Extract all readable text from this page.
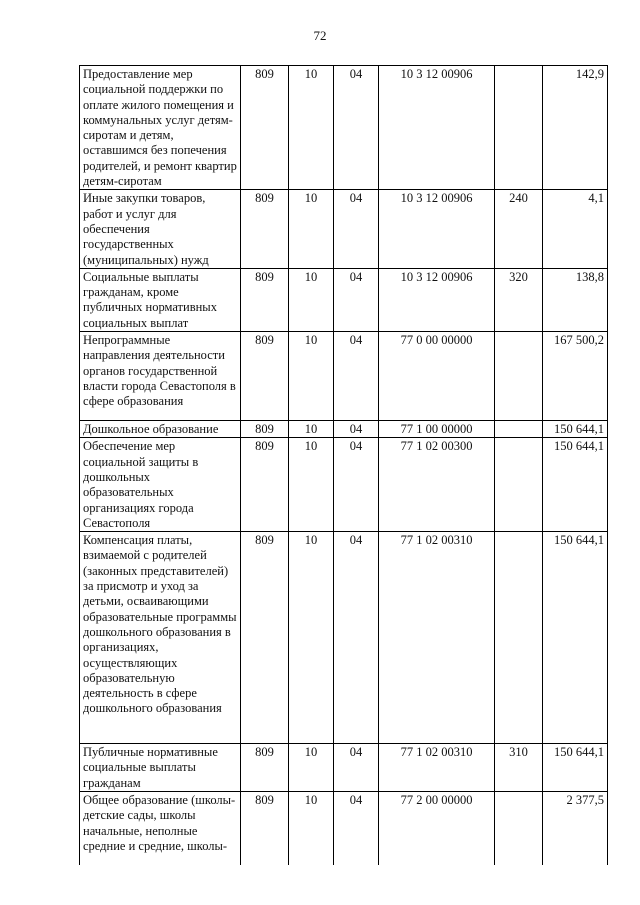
72
Предоставление мер социальной поддержки по оплате жилого помещения и коммунальных услуг детям-сиротам и детям, оставшимся без попечения родителей, и ремонт квартир детям-сиротам	809	10	04	10 3 12 00906		142,9
Иные закупки товаров, работ и услуг для обеспечения государственных (муниципальных) нужд	809	10	04	10 3 12 00906	240	4,1
Социальные выплаты гражданам, кроме публичных нормативных социальных выплат	809	10	04	10 3 12 00906	320	138,8
Непрограммные направления деятельности органов государственной власти города Севастополя в сфере образования	809	10	04	77 0 00 00000		167 500,2
Дошкольное образование	809	10	04	77 1 00 00000		150 644,1
Обеспечение мер социальной защиты в дошкольных образовательных организациях города Севастополя	809	10	04	77 1 02 00300		150 644,1
Компенсация платы, взимаемой с родителей (законных представителей) за присмотр и уход за детьми, осваивающими образовательные программы дошкольного образования в организациях, осуществляющих образовательную деятельность в сфере дошкольного образования	809	10	04	77 1 02 00310		150 644,1
Публичные нормативные социальные выплаты гражданам	809	10	04	77 1 02 00310	310	150 644,1
Общее образование (школы-детские сады, школы начальные, неполные средние и средние, школы-	809	10	04	77 2 00 00000		2 377,5
